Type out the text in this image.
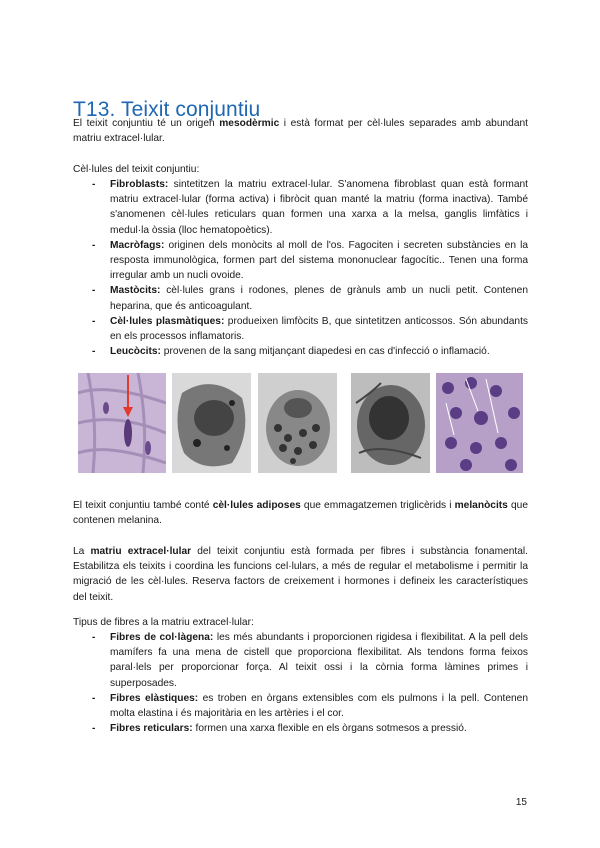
T13. Teixit conjuntiu

El teixit conjuntiu té un origen mesodèrmic i està format per cèl·lules separades amb abundant matriu extracel·lular.

Cèl·lules del teixit conjuntiu:
- Fibroblasts: sintetitzen la matriu extracel·lular. S'anomena fibroblast quan està formant matriu extracel·lular (forma activa) i fibròcit quan manté la matriu (forma inactiva). També s'anomenen cèl·lules reticulars quan formen una xarxa a la melsa, ganglis limfàtics i medul·la òssia (lloc hematopoètics).
- Macròfags: originen dels monòcits al moll de l'os. Fagociten i secreten substàncies en la resposta immunològica, formen part del sistema mononuclear fagocític.. Tenen una forma irregular amb un nucli ovoide.
- Mastòcits: cèl·lules grans i rodones, plenes de grànuls amb un nucli petit. Contenen heparina, que és anticoagulant.
- Cèl·lules plasmàtiques: produeixen limfòcits B, que sintetitzen anticossos. Són abundants en els processos inflamatoris.
- Leucòcits: provenen de la sang mitjançant diapedesi en cas d'infecció o inflamació.

El teixit conjuntiu també conté cèl·lules adiposes que emmagatzemen triglicèrids i melanòcits que contenen melanina.

La matriu extracel·lular del teixit conjuntiu està formada per fibres i substància fonamental. Estabilitza els teixits i coordina les funcions cel·lulars, a més de regular el metabolisme i permitir la migració de les cèl·lules. Reserva factors de creixement i hormones i defineix les característiques del teixit.

Tipus de fibres a la matriu extracel·lular:
- Fibres de col·làgena: les més abundants i proporcionen rigidesa i flexibilitat. A la pell dels mamífers fa una mena de cistell que proporciona flexibilitat. Als tendons forma feixos paral·lels per proporcionar força. Al teixit ossi i la còrnia forma làmines primes i superposades.
- Fibres elàstiques: es troben en òrgans extensibles com els pulmons i la pell. Contenen molta elastina i és majoritària en les artèries i el cor.
- Fibres reticulars: formen una xarxa flexible en els òrgans sotmesos a pressió.
15
